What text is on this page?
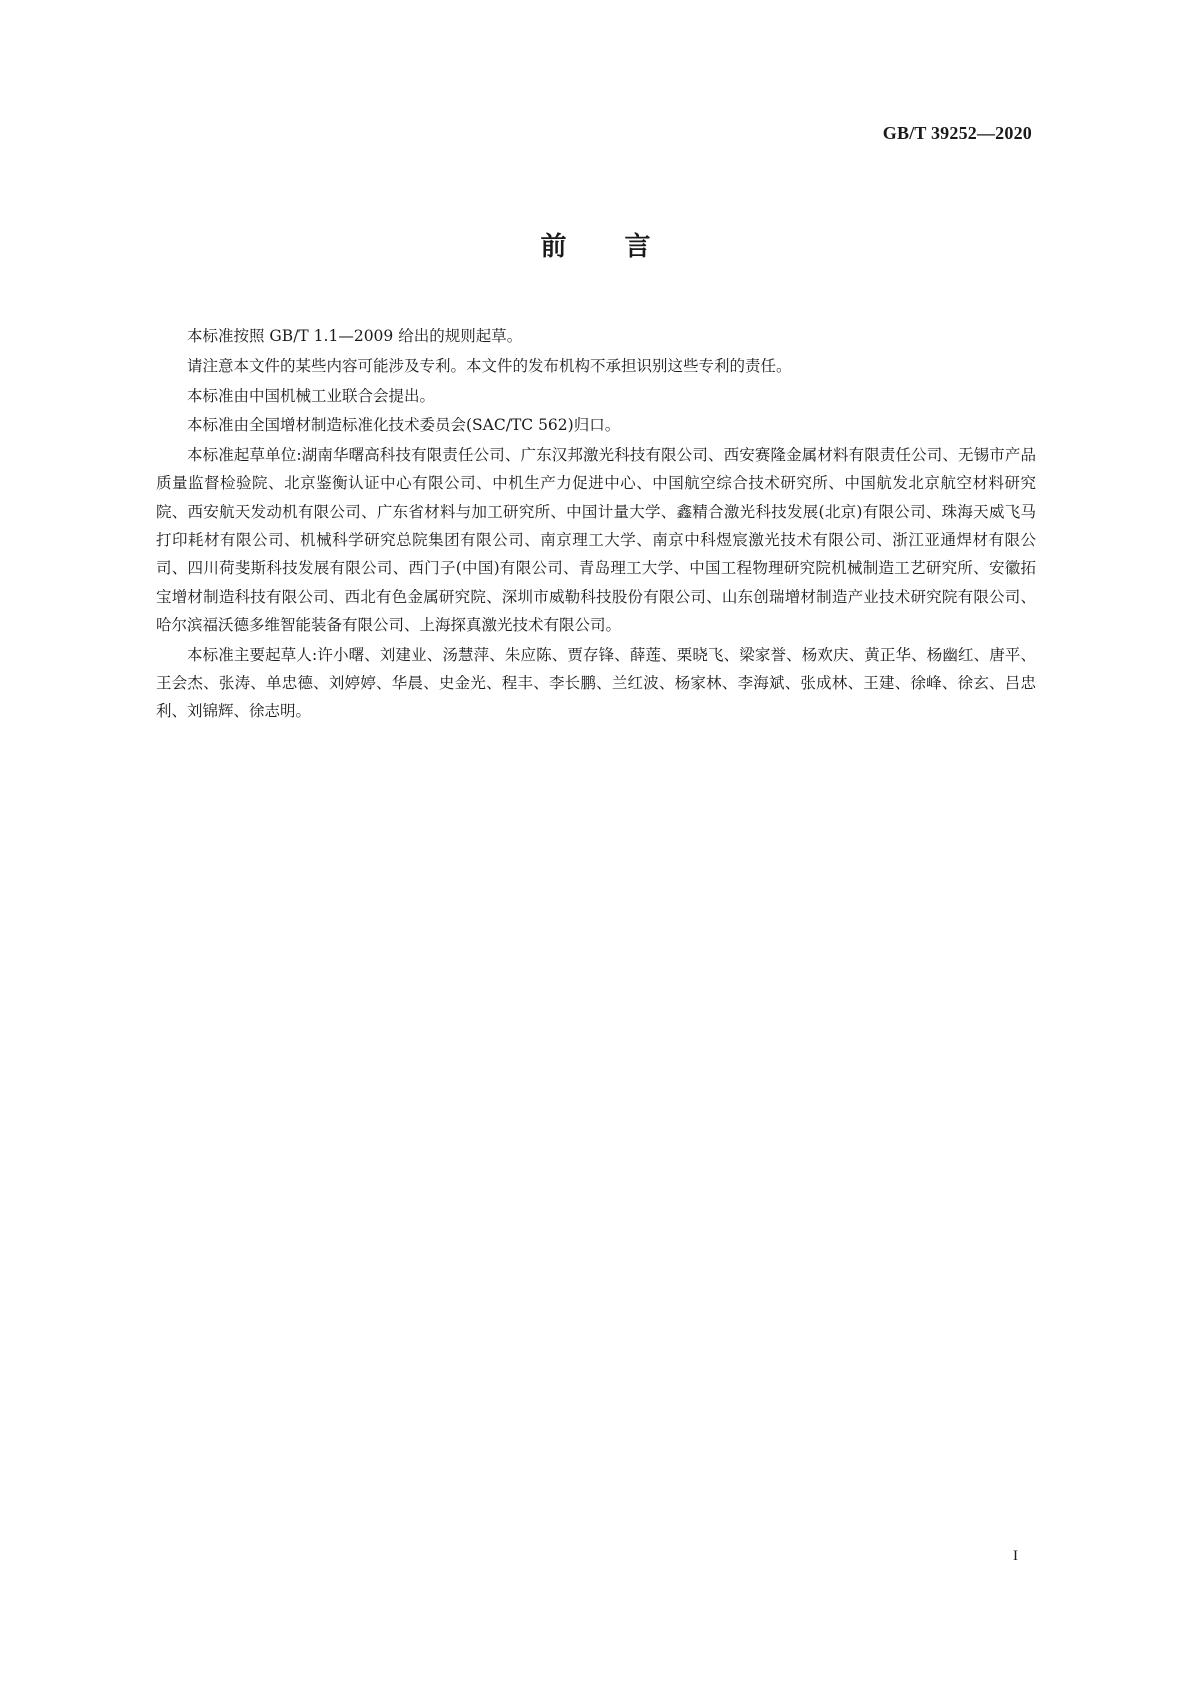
GB/T 39252—2020
前言

本标准按照 GB/T 1.1—2009 给出的规则起草。

请注意本文件的某些内容可能涉及专利。本文件的发布机构不承担识别这些专利的责任。

本标准由中国机械工业联合会提出。

本标准由全国增材制造标准化技术委员会(SAC/TC 562)归口。

本标准起草单位:湖南华曙高科技有限责任公司、广东汉邦激光科技有限公司、西安赛隆金属材料有限责任公司、无锡市产品质量监督检验院、北京鉴衡认证中心有限公司、中机生产力促进中心、中国航空综合技术研究所、中国航发北京航空材料研究院、西安航天发动机有限公司、广东省材料与加工研究所、中国计量大学、鑫精合激光科技发展(北京)有限公司、珠海天威飞马打印耗材有限公司、机械科学研究总院集团有限公司、南京理工大学、南京中科煜宸激光技术有限公司、浙江亚通焊材有限公司、四川荷斐斯科技发展有限公司、西门子(中国)有限公司、青岛理工大学、中国工程物理研究院机械制造工艺研究所、安徽拓宝增材制造科技有限公司、西北有色金属研究院、深圳市威勒科技股份有限公司、山东创瑞增材制造产业技术研究院有限公司、哈尔滨福沃德多维智能装备有限公司、上海探真激光技术有限公司。

本标准主要起草人:许小曙、刘建业、汤慧萍、朱应陈、贾存锋、薛莲、栗晓飞、梁家誉、杨欢庆、黄正华、杨幽红、唐平、王会杰、张涛、单忠德、刘婷婷、华晨、史金光、程丰、李长鹏、兰红波、杨家林、李海斌、张成林、王建、徐峰、徐玄、吕忠利、刘锦辉、徐志明。

I
